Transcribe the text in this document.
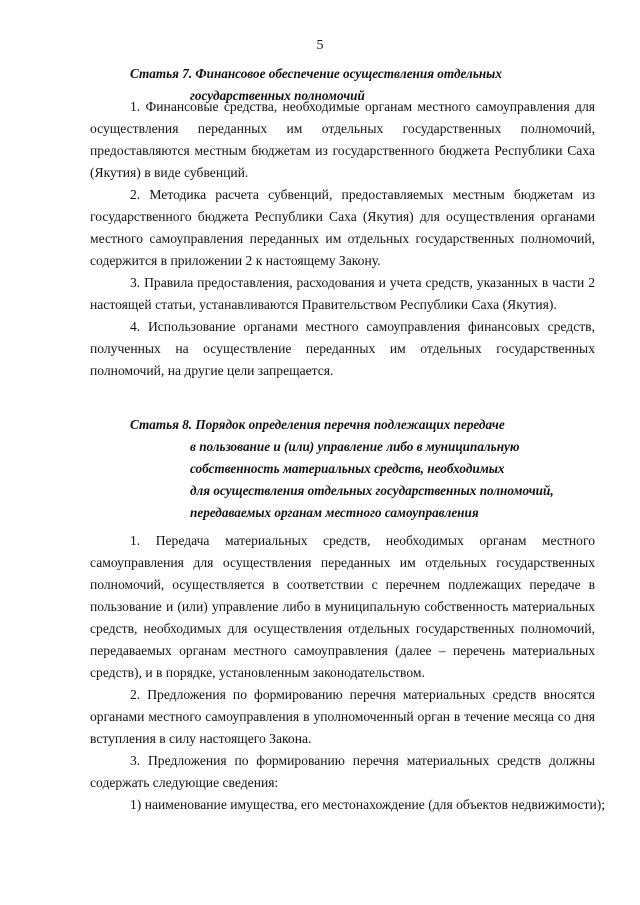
5
Статья 7. Финансовое обеспечение осуществления отдельных
государственных полномочий

1. Финансовые средства, необходимые органам местного самоуправления для осуществления переданных им отдельных государственных полномочий, предоставляются местным бюджетам из государственного бюджета Республики Саха (Якутия) в виде субвенций.

2. Методика расчета субвенций, предоставляемых местным бюджетам из государственного бюджета Республики Саха (Якутия) для осуществления органами местного самоуправления переданных им отдельных государственных полномочий, содержится в приложении 2 к настоящему Закону.

3. Правила предоставления, расходования и учета средств, указанных в части 2 настоящей статьи, устанавливаются Правительством Республики Саха (Якутия).

4. Использование органами местного самоуправления финансовых средств, полученных на осуществление переданных им отдельных государственных полномочий, на другие цели запрещается.

Статья 8. Порядок определения перечня подлежащих передаче
в пользование и (или) управление либо в муниципальную
собственность материальных средств, необходимых
для осуществления отдельных государственных полномочий,
передаваемых органам местного самоуправления

1. Передача материальных средств, необходимых органам местного самоуправления для осуществления переданных им отдельных государственных полномочий, осуществляется в соответствии с перечнем подлежащих передаче в пользование и (или) управление либо в муниципальную собственность материальных средств, необходимых для осуществления отдельных государственных полномочий, передаваемых органам местного самоуправления (далее – перечень материальных средств), и в порядке, установленным законодательством.

2. Предложения по формированию перечня материальных средств вносятся органами местного самоуправления в уполномоченный орган в течение месяца со дня вступления в силу настоящего Закона.

3. Предложения по формированию перечня материальных средств должны содержать следующие сведения:

1) наименование имущества, его местонахождение (для объектов недвижимости);
